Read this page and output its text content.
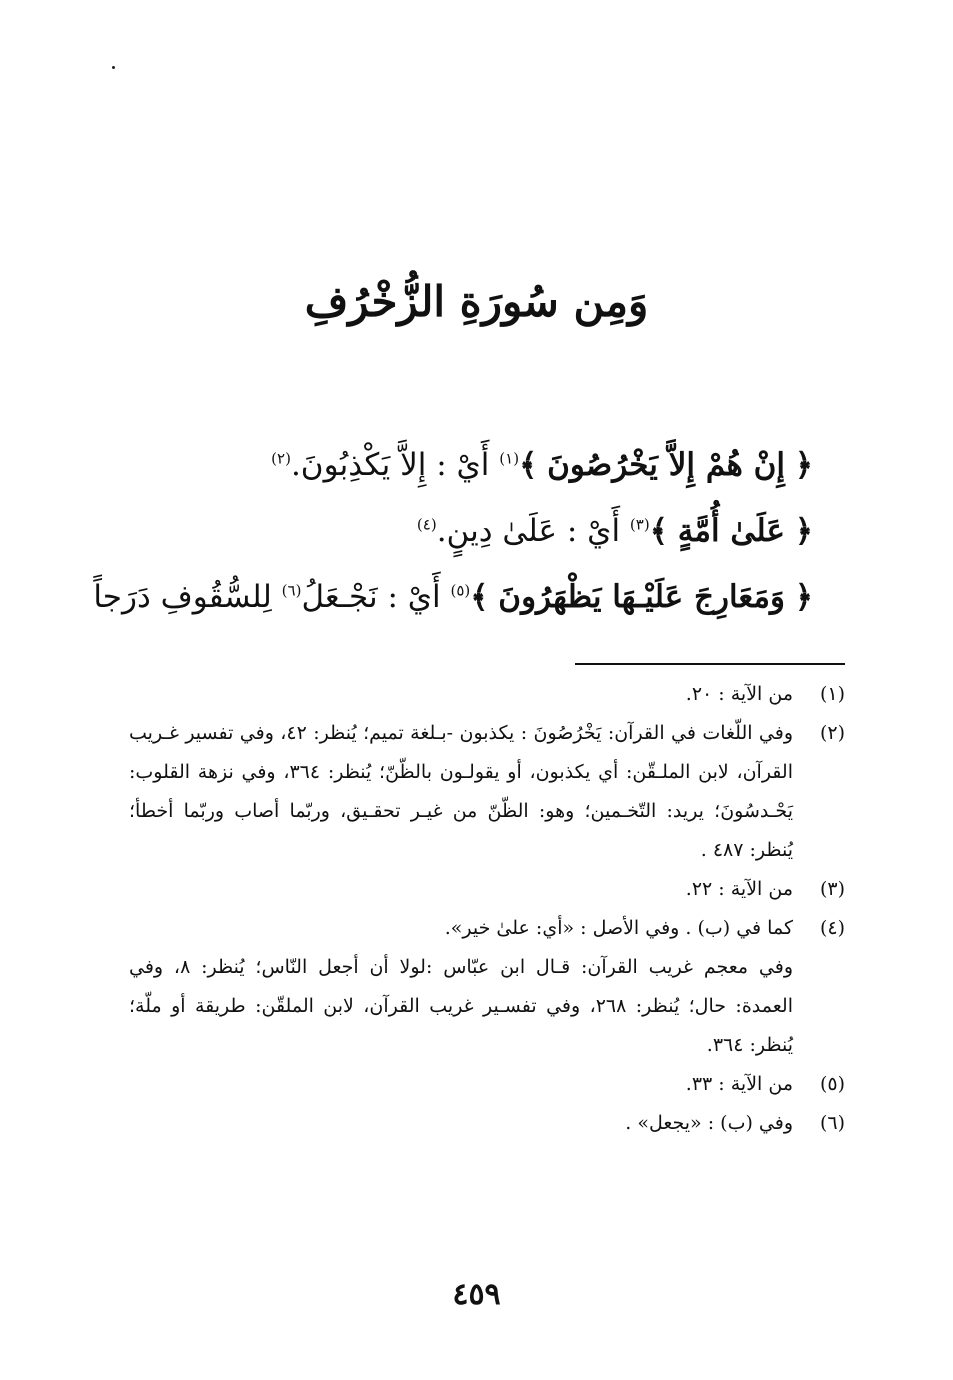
وَمِن سُورَةِ الزُّخْرُفِ
﴿ إِنْ هُمْ إِلاَّ يَخْرُصُونَ ﴾$^{(١)}$ أَيْ : إِلاَّ يَكْذِبُونَ.$^{(٢)}$
﴿ عَلَىٰ أُمَّةٍ ﴾$^{(٣)}$ أَيْ : عَلَىٰ دِينٍ.$^{(٤)}$
﴿ وَمَعَارِجَ عَلَيْـهَا يَظْهَرُونَ ﴾$^{(٥)}$ أَيْ : نَجْـعَلُ$^{(٦)}$ لِلسُّقُوفِ دَرَجاً
(١)
من الآية : ٢٠.
(٢)
وفي اللّغات في القرآن: يَخْرُصُونَ : يكذبون -بـلغة تميم؛ يُنظر: ٤٢، وفي تفسير غـريب القرآن، لابن الملـقّن: أي يكذبون، أو يقولـون بالظّنّ؛ يُنظر: ٣٦٤، وفي نزهة القلوب: يَحْـدسُونَ؛ يريد: التّخـمين؛ وهو: الظّنّ من غيـر تحقـيق، وربّما أصاب وربّما أخطأ؛ يُنظر: ٤٨٧ .
(٣)
من الآية : ٢٢.
(٤)
كما في (ب) . وفي الأصل : «أي: علىٰ خير».
وفي معجم غريب القرآن: قـال ابن عبّاس :لولا أن أجعل النّاس؛ يُنظر: ٨، وفي العمدة: حال؛ يُنظر: ٢٦٨، وفي تفسـير غريب القرآن، لابن الملقّن: طريقة أو ملّة؛ يُنظر: ٣٦٤.
(٥)
من الآية : ٣٣.
(٦)
وفي (ب) : «يجعل» .
٤٥٩
